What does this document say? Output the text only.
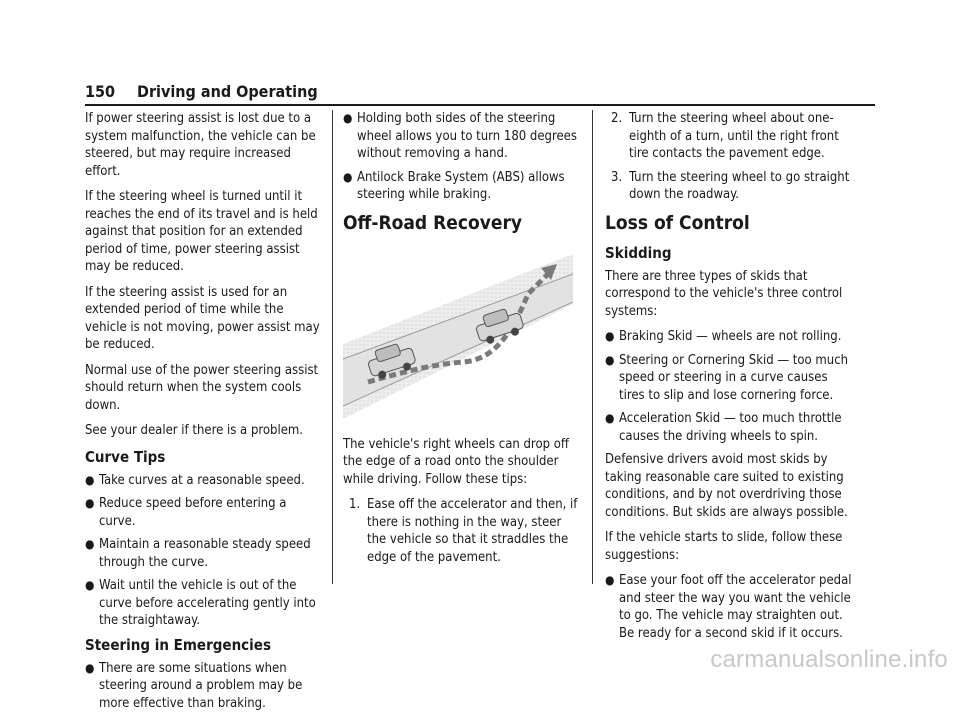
150 Driving and Operating

If power steering assist is lost due to a system malfunction, the vehicle can be steered, but may require increased effort.

If the steering wheel is turned until it reaches the end of its travel and is held against that position for an extended period of time, power steering assist may be reduced.

If the steering assist is used for an extended period of time while the vehicle is not moving, power assist may be reduced.

Normal use of the power steering assist should return when the system cools down.

See your dealer if there is a problem.

Curve Tips
● Take curves at a reasonable speed.
● Reduce speed before entering a curve.
● Maintain a reasonable steady speed through the curve.
● Wait until the vehicle is out of the curve before accelerating gently into the straightaway.
Steering in Emergencies
● There are some situations when steering around a problem may be more effective than braking.
● Holding both sides of the steering wheel allows you to turn 180 degrees without removing a hand.
● Antilock Brake System (ABS) allows steering while braking.
Off-Road Recovery

The vehicle's right wheels can drop off the edge of a road onto the shoulder while driving. Follow these tips:

1. Ease off the accelerator and then, if there is nothing in the way, steer the vehicle so that it straddles the edge of the pavement.
2. Turn the steering wheel about one-eighth of a turn, until the right front tire contacts the pavement edge.
3. Turn the steering wheel to go straight down the roadway.
Loss of Control
Skidding

There are three types of skids that correspond to the vehicle's three control systems:

● Braking Skid — wheels are not rolling.
● Steering or Cornering Skid — too much speed or steering in a curve causes tires to slip and lose cornering force.
● Acceleration Skid — too much throttle causes the driving wheels to spin.

Defensive drivers avoid most skids by taking reasonable care suited to existing conditions, and by not overdriving those conditions. But skids are always possible.

If the vehicle starts to slide, follow these suggestions:

● Ease your foot off the accelerator pedal and steer the way you want the vehicle to go. The vehicle may straighten out. Be ready for a second skid if it occurs.
carmanualsonline.info
